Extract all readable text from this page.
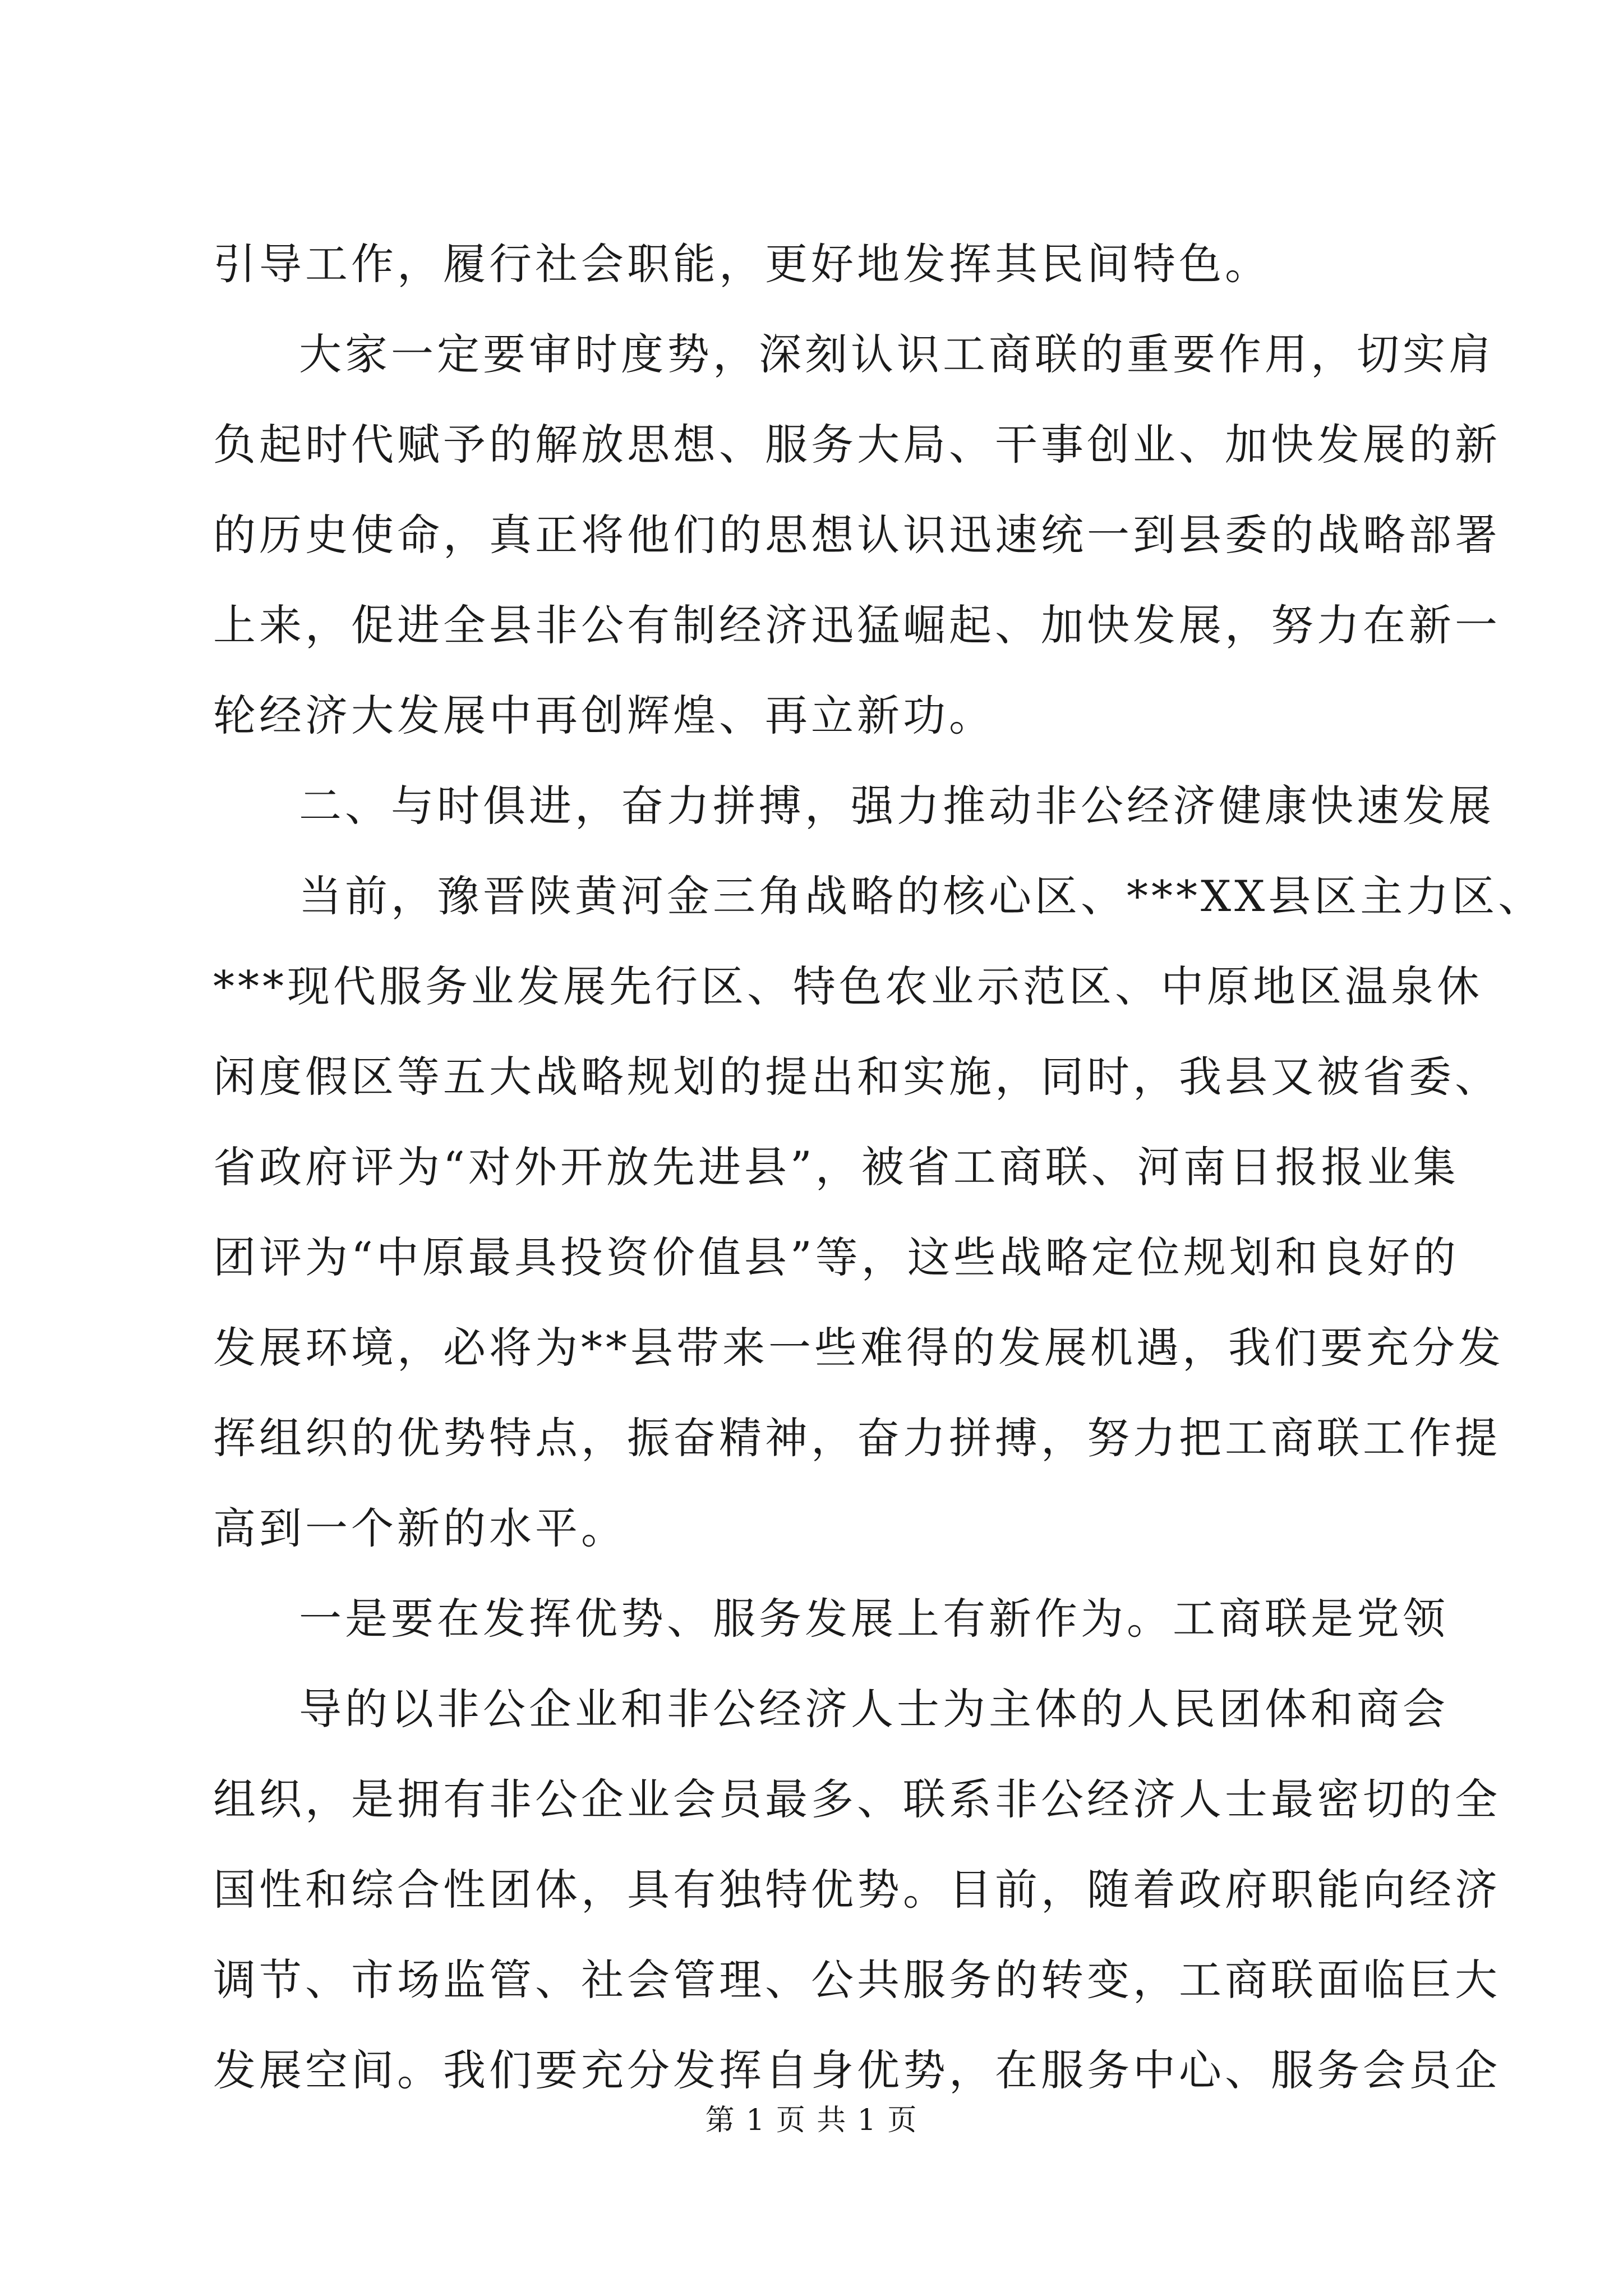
引导工作，履行社会职能，更好地发挥其民间特色。
大家一定要审时度势，深刻认识工商联的重要作用，切实肩
负起时代赋予的解放思想、服务大局、干事创业、加快发展的新
的历史使命，真正将他们的思想认识迅速统一到县委的战略部署
上来，促进全县非公有制经济迅猛崛起、加快发展，努力在新一
轮经济大发展中再创辉煌、再立新功。
二、与时俱进，奋力拼搏，强力推动非公经济健康快速发展
当前，豫晋陕黄河金三角战略的核心区、***XX县区主力区、
***现代服务业发展先行区、特色农业示范区、中原地区温泉休
闲度假区等五大战略规划的提出和实施，同时，我县又被省委、
省政府评为“对外开放先进县”，被省工商联、河南日报报业集
团评为“中原最具投资价值县”等，这些战略定位规划和良好的
发展环境，必将为**县带来一些难得的发展机遇，我们要充分发
挥组织的优势特点，振奋精神，奋力拼搏，努力把工商联工作提
高到一个新的水平。
一是要在发挥优势、服务发展上有新作为。工商联是党领
导的以非公企业和非公经济人士为主体的人民团体和商会
组织，是拥有非公企业会员最多、联系非公经济人士最密切的全
国性和综合性团体，具有独特优势。目前，随着政府职能向经济
调节、市场监管、社会管理、公共服务的转变，工商联面临巨大
发展空间。我们要充分发挥自身优势，在服务中心、服务会员企
第 1 页 共 1 页
